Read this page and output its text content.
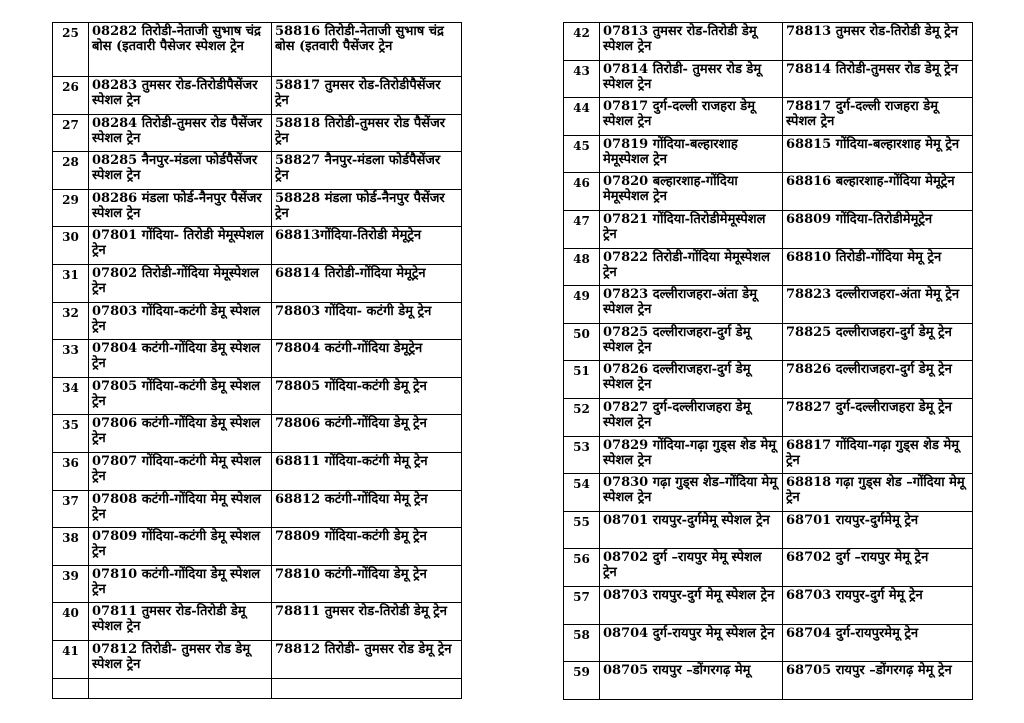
25	08282 तिरोडी-नेताजी सुभाष चंद्र बोस (इतवारी पैसेजर स्पेशल ट्रेन	58816 तिरोडी-नेताजी सुभाष चंद्र बोस (इतवारी पैसेंजर ट्रेन
26	08283 तुमसर रोड-तिरोडीपैसेंजर स्पेशल ट्रेन	58817 तुमसर रोड-तिरोडीपैसेंजर ट्रेन
27	08284 तिरोडी-तुमसर रोड पैसेंजर स्पेशल ट्रेन	58818 तिरोडी-तुमसर रोड पैसेंजर ट्रेन
28	08285 नैनपुर-मंडला फोर्डपैसेंजर स्पेशल ट्रेन	58827 नैनपुर-मंडला फोर्डपैसेंजर ट्रेन
29	08286 मंडला फोर्ड-नैनपुर पैसेंजर स्पेशल ट्रेन	58828 मंडला फोर्ड-नैनपुर पैसेंजर ट्रेन
30	07801 गोंदिया- तिरोडी मेमूस्पेशल ट्रेन	68813गोंदिया-तिरोडी मेमूट्रेन
31	07802 तिरोडी-गोंदिया मेमूस्पेशल ट्रेन	68814 तिरोडी-गोंदिया मेमूट्रेन
32	07803 गोंदिया-कटंगी डेमू स्पेशल ट्रेन	78803 गोंदिया- कटंगी डेमू ट्रेन
33	07804 कटंगी-गोंदिया डेमू स्पेशल ट्रेन	78804 कटंगी-गोंदिया डेमूट्रेन
34	07805 गोंदिया-कटंगी डेमू स्पेशल ट्रेन	78805 गोंदिया-कटंगी डेमू ट्रेन
35	07806 कटंगी-गोंदिया डेमू स्पेशल ट्रेन	78806 कटंगी-गोंदिया डेमू ट्रेन
36	07807 गोंदिया-कटंगी मेमू स्पेशल ट्रेन	68811 गोंदिया-कटंगी मेमू ट्रेन
37	07808 कटंगी-गोंदिया मेमू स्पेशल ट्रेन	68812 कटंगी-गोंदिया मेमू ट्रेन
38	07809 गोंदिया-कटंगी डेमू स्पेशल ट्रेन	78809 गोंदिया-कटंगी डेमू ट्रेन
39	07810 कटंगी-गोंदिया डेमू स्पेशल ट्रेन	78810 कटंगी-गोंदिया डेमू ट्रेन
40	07811 तुमसर रोड-तिरोडी डेमू स्पेशल ट्रेन	78811 तुमसर रोड-तिरोडी डेमू ट्रेन
41	07812 तिरोडी- तुमसर रोड डेमू स्पेशल ट्रेन	78812 तिरोडी- तुमसर रोड डेमू ट्रेन

42	07813 तुमसर रोड-तिरोडी डेमू स्पेशल ट्रेन	78813 तुमसर रोड-तिरोडी डेमू ट्रेन
43	07814 तिरोडी- तुमसर रोड डेमू स्पेशल ट्रेन	78814 तिरोडी-तुमसर रोड डेमू ट्रेन
44	07817 दुर्ग-दल्ली राजहरा डेमू स्पेशल ट्रेन	78817 दुर्ग-दल्ली राजहरा डेमू स्पेशल ट्रेन
45	07819 गोंदिया-बल्हारशाह मेमूस्पेशल ट्रेन	68815 गोंदिया-बल्हारशाह मेमू ट्रेन
46	07820 बल्हारशाह-गोंदिया मेमूस्पेशल ट्रेन	68816 बल्हारशाह-गोंदिया मेमूट्रेन
47	07821 गोंदिया-तिरोडीमेमूस्पेशल ट्रेन	68809 गोंदिया-तिरोडीमेमूट्रेन
48	07822 तिरोडी-गोंदिया मेमूस्पेशल ट्रेन	68810 तिरोडी-गोंदिया मेमू ट्रेन
49	07823 दल्लीराजहरा-अंता डेमू स्पेशल ट्रेन	78823 दल्लीराजहरा-अंता मेमू ट्रेन
50	07825 दल्लीराजहरा-दुर्ग डेमू स्पेशल ट्रेन	78825 दल्लीराजहरा-दुर्ग डेमू ट्रेन
51	07826 दल्लीराजहरा-दुर्ग डेमू स्पेशल ट्रेन	78826 दल्लीराजहरा-दुर्ग डेमू ट्रेन
52	07827 दुर्ग-दल्लीराजहरा डेमू स्पेशल ट्रेन	78827 दुर्ग-दल्लीराजहरा डेमू ट्रेन
53	07829 गोंदिया-गढ़ा गुड्स शेड मेमू स्पेशल ट्रेन	68817 गोंदिया-गढ़ा गुड्स शेड मेमू ट्रेन
54	07830 गढ़ा गुड्स शेड–गोंदिया मेमू स्पेशल ट्रेन	68818 गढ़ा गुड्स शेड –गोंदिया मेमू ट्रेन
55	08701 रायपुर-दुर्गमेमू स्पेशल ट्रेन	68701 रायपुर-दुर्गमेमू ट्रेन
56	08702 दुर्ग –रायपुर मेमू स्पेशल ट्रेन	68702 दुर्ग –रायपुर मेमू ट्रेन
57	08703 रायपुर-दुर्ग मेमू स्पेशल ट्रेन	68703 रायपुर-दुर्ग मेमू ट्रेन
58	08704 दुर्ग-रायपुर मेमू स्पेशल ट्रेन	68704 दुर्ग-रायपुरमेमू ट्रेन
59	08705 रायपुर –डोंगरगढ़ मेमू	68705 रायपुर –डोंगरगढ़ मेमू ट्रेन
